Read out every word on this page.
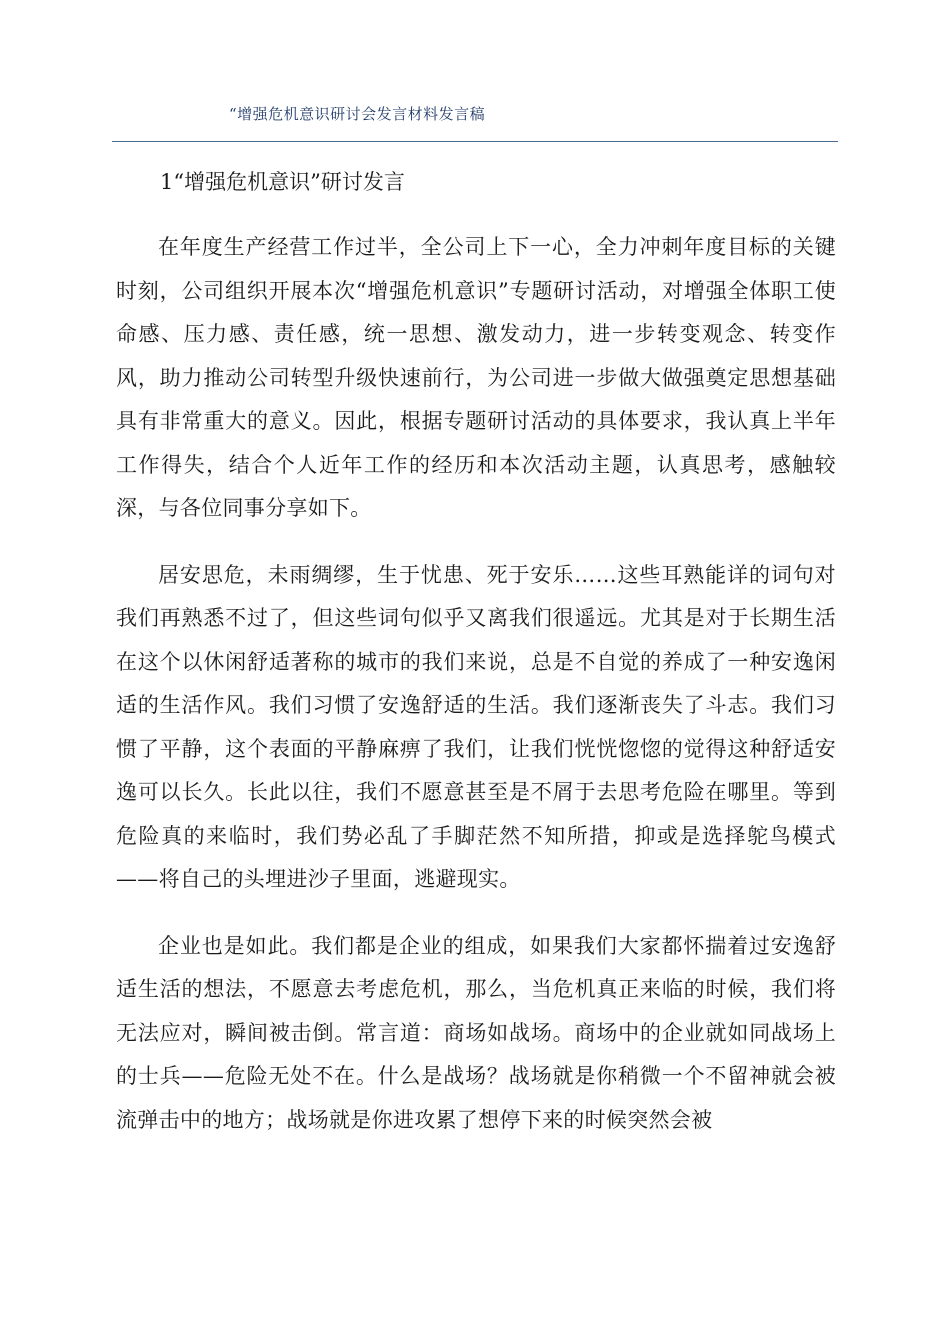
“增强危机意识研讨会发言材料发言稿
1“增强危机意识”研讨发言

在年度生产经营工作过半，全公司上下一心，全力冲刺年度目标的关键时刻，公司组织开展本次“增强危机意识”专题研讨活动，对增强全体职工使命感、压力感、责任感，统一思想、激发动力，进一步转变观念、转变作风，助力推动公司转型升级快速前行，为公司进一步做大做强奠定思想基础具有非常重大的意义。因此，根据专题研讨活动的具体要求，我认真上半年工作得失，结合个人近年工作的经历和本次活动主题，认真思考，感触较深，与各位同事分享如下。

居安思危，未雨绸缪，生于忧患、死于安乐……这些耳熟能详的词句对我们再熟悉不过了，但这些词句似乎又离我们很遥远。尤其是对于长期生活在这个以休闲舒适著称的城市的我们来说，总是不自觉的养成了一种安逸闲适的生活作风。我们习惯了安逸舒适的生活。我们逐渐丧失了斗志。我们习惯了平静，这个表面的平静麻痹了我们，让我们恍恍惚惚的觉得这种舒适安逸可以长久。长此以往，我们不愿意甚至是不屑于去思考危险在哪里。等到危险真的来临时，我们势必乱了手脚茫然不知所措，抑或是选择鸵鸟模式——将自己的头埋进沙子里面，逃避现实。

企业也是如此。我们都是企业的组成，如果我们大家都怀揣着过安逸舒适生活的想法，不愿意去考虑危机，那么，当危机真正来临的时候，我们将无法应对，瞬间被击倒。常言道：商场如战场。商场中的企业就如同战场上的士兵——危险无处不在。什么是战场？战场就是你稍微一个不留神就会被流弹击中的地方；战场就是你进攻累了想停下来的时候突然会被
